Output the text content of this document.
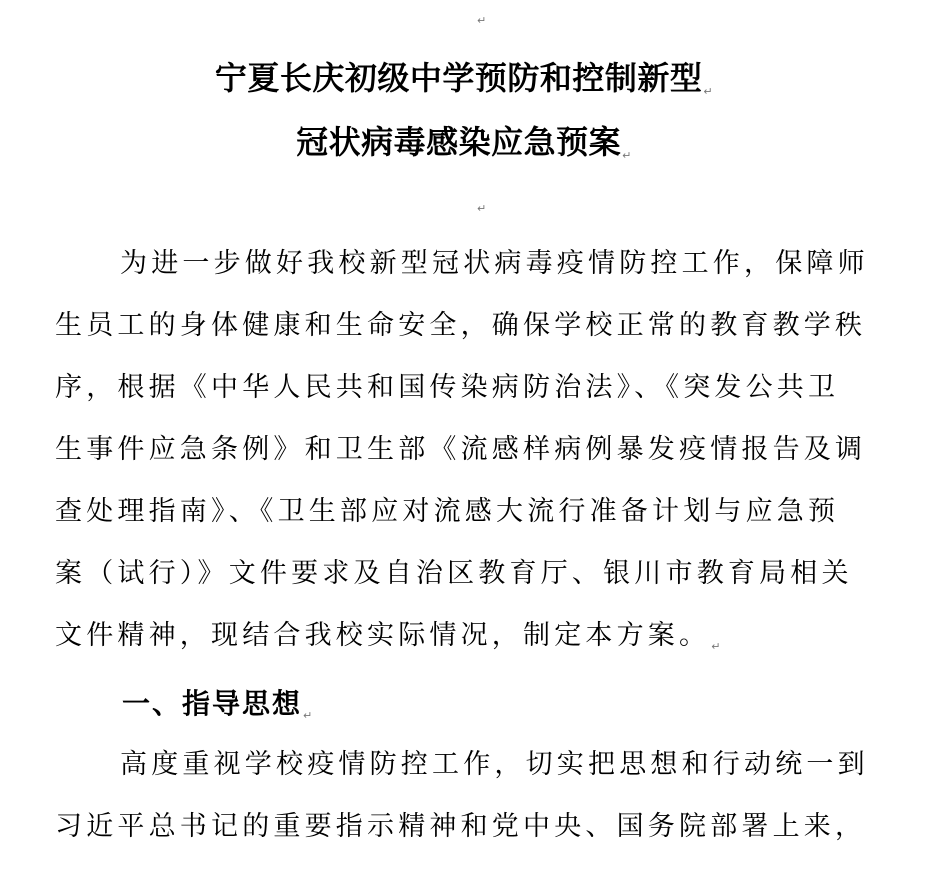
↵
宁夏长庆初级中学预防和控制新型↵
冠状病毒感染应急预案↵
↵
为进一步做好我校新型冠状病毒疫情防控工作，保障师
生员工的身体健康和生命安全，确保学校正常的教育教学秩
序，根据《中华人民共和国传染病防治法》、《突发公共卫
生事件应急条例》和卫生部《流感样病例暴发疫情报告及调
查处理指南》、《卫生部应对流感大流行准备计划与应急预
案（试行）》文件要求及自治区教育厅、银川市教育局相关
文件精神，现结合我校实际情况，制定本方案。$_↵$
一、指导思想$_↵$
高度重视学校疫情防控工作，切实把思想和行动统一到
习近平总书记的重要指示精神和党中央、国务院部署上来，
